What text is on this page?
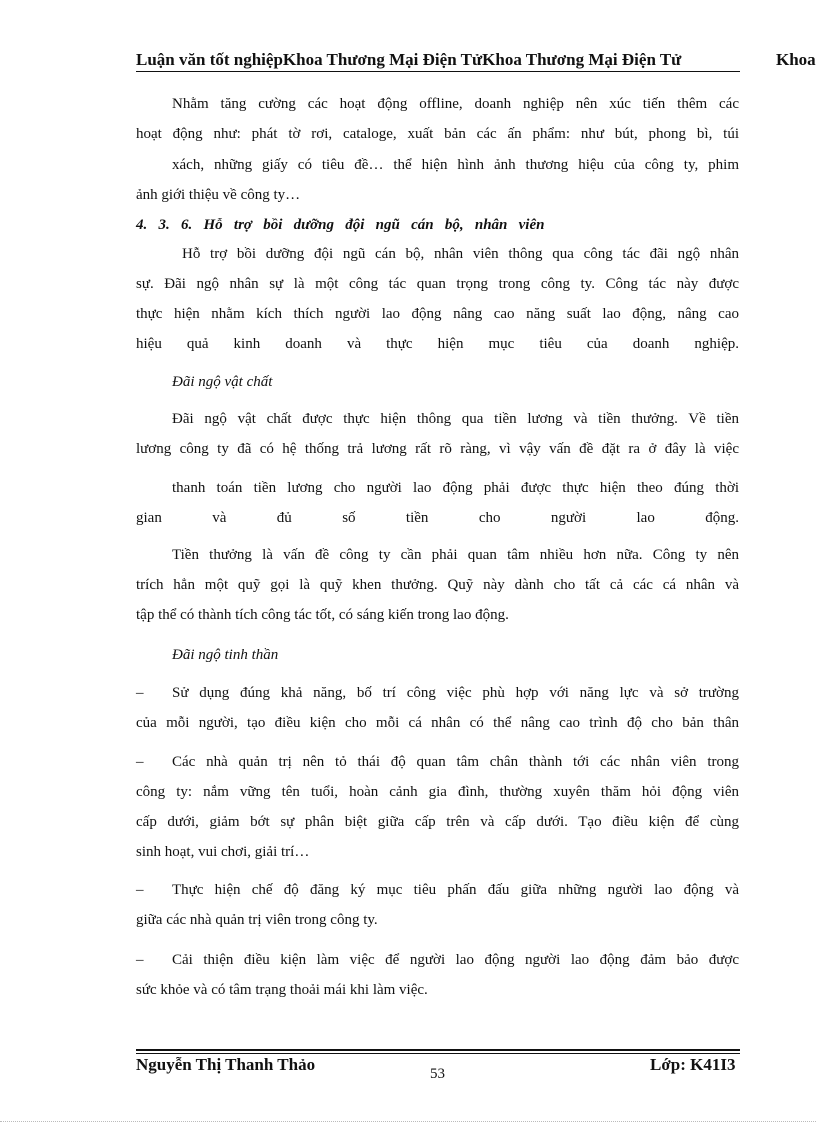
Luận văn tốt nghiệpKhoa Thương Mại Điện TửKhoa Thương Mại Điện Tử	Khoa
Nhằm tăng cường các hoạt động offline, doanh nghiệp nên xúc tiến thêm các
hoạt động như: phát tờ rơi, cataloge, xuất bản các ấn phẩm: như bút, phong bì, túi
xách, những giấy có tiêu đề… thể hiện hình ảnh thương hiệu của công ty, phim
ảnh giới thiệu về công ty…
4.   3.   6.   Hỗ   trợ   bồi   dưỡng   đội   ngũ   cán   bộ,   nhân   viên
Hỗ trợ bồi dưỡng đội ngũ cán bộ, nhân viên thông qua công tác đãi ngộ nhân
sự. Đãi ngộ nhân sự là một công tác quan trọng trong công ty. Công tác này được
thực hiện nhằm kích thích người lao động nâng cao năng suất lao động, nâng cao
hiệu quả kinh doanh và thực hiện mục tiêu của doanh nghiệp.
Đãi ngộ vật chất
Đãi ngộ vật chất được thực hiện thông qua tiền lương và tiền thưởng. Về tiền
lương công ty đã có hệ thống trả lương rất rõ ràng, vì vậy vấn đề đặt ra ở đây là việc
thanh toán tiền lương cho người lao động phải được thực hiện theo đúng thời
gian và đủ số tiền cho người lao động.
Tiền thưởng là vấn đề công ty cần phải quan tâm nhiều hơn nữa. Công ty nên
trích hẳn một quỹ gọi là quỹ khen thưởng. Quỹ này dành cho tất cả các cá nhân và
tập thể có thành tích công tác tốt, có sáng kiến trong lao động.
Đãi ngộ tinh thần
– Sử dụng đúng khả năng, bố trí công việc phù hợp với năng lực và sở trường
của mỗi người, tạo điều kiện cho mỗi cá nhân có thể nâng cao trình độ cho bản thân
– Các nhà quản trị nên tỏ thái độ quan tâm chân thành tới các nhân viên trong
công ty: nắm vững tên tuổi, hoàn cảnh gia đình, thường xuyên thăm hỏi động viên
cấp dưới, giảm bớt sự phân biệt giữa cấp trên và cấp dưới. Tạo điều kiện để cùng
sinh hoạt, vui chơi, giải trí…
– Thực hiện chế độ đăng ký mục tiêu phấn đấu giữa những người lao động và
giữa các nhà quản trị viên trong công ty.
– Cải thiện điều kiện làm việc để người lao động người lao động đảm bảo được
sức khỏe và có tâm trạng thoải mái khi làm việc.
Nguyễn Thị Thanh Thảo	53	Lớp: K41I3
